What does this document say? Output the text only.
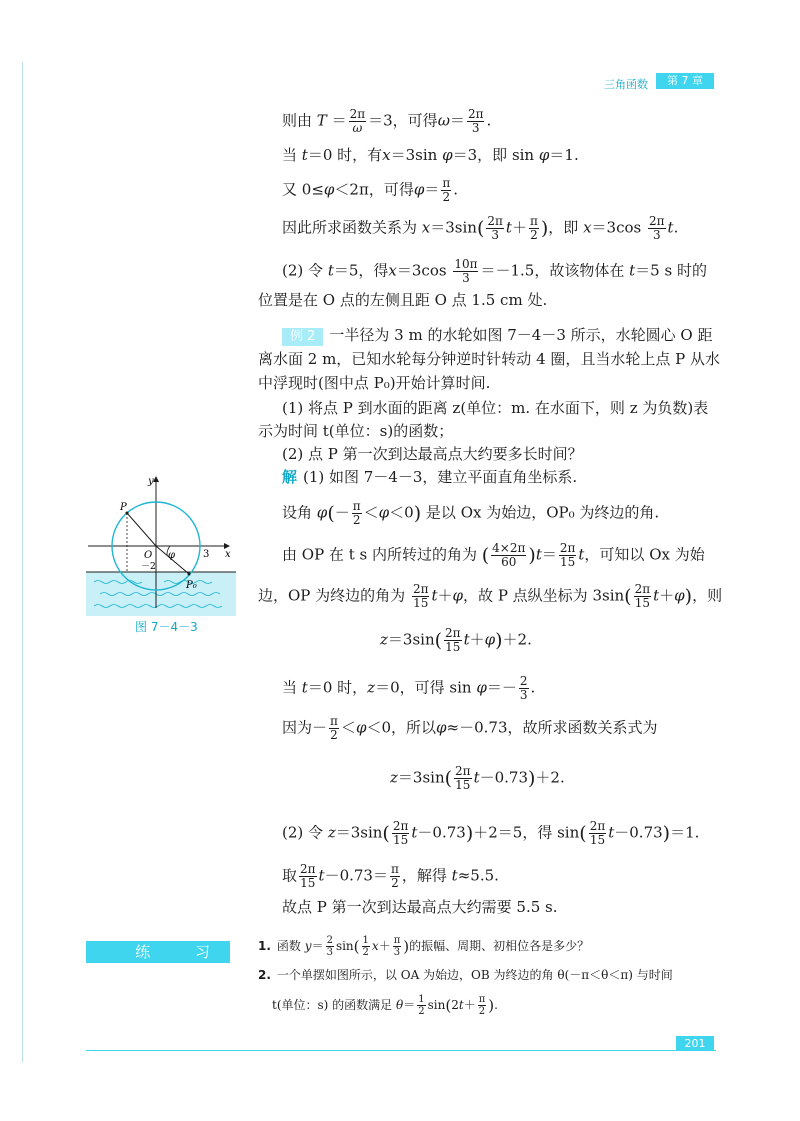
三角函数	第 7 章
则由 $T = \frac{2\pi}{\omega} =3$，可得$\omega= \frac{2\pi}{3}$ .
当 t＝0 时，有x＝3sin φ＝3，即 sin φ＝1.
又 0≤φ＜2π，可得$\varphi= \frac{\pi}{2}$ .
因此所求函数关系为 $x=3\sin( \frac{2\pi}{3} t+ \frac{\pi}{2}$ )，即 $x=3\cos \frac{2\pi}{3} t$.
(2) 令 t＝5，得$x=3\cos \frac{10\pi}{3} =-1.5$，故该物体在 t＝5 s 时的
位置是在 O 点的左侧且距 O 点 1.5 cm 处.
例 2 一半径为 3 m 的水轮如图 7－4－3 所示，水轮圆心 O 距
离水面 2 m，已知水轮每分钟逆时针转动 4 圈，且当水轮上点 P 从水
中浮现时(图中点 P₀)开始计算时间.
(1) 将点 P 到水面的距离 z(单位：m. 在水面下，则 z 为负数)表
示为时间 t(单位：s)的函数；
(2) 点 P 第一次到达最高点大约要多长时间？
解 (1) 如图 7－4－3，建立平面直角坐标系.
设角 $\varphi(- \frac{\pi}{2} <\varphi<0)$ 是以 Ox 为始边，OP₀ 为终边的角.
由 OP 在 t s 内所转过的角为 ( $\frac{4\times 2\pi}{60} )t= \frac{2\pi}{15}$ t，可知以 Ox 为始
边，OP 为终边的角为 $\frac{2\pi}{15} t+\varphi$，故 P 点纵坐标为 $3\sin( \frac{2\pi}{15} t+\varphi)$，则
$z=3\sin( \frac{2\pi}{15} t+\varphi)+2$.
当 t＝0 时，z＝0，可得 $\sin \varphi=- \frac{2}{3}$ .
因为－ $\frac{\pi}{2} <\varphi<0$，所以φ≈－0.73，故所求函数关系式为
$z=3\sin( \frac{2\pi}{15} t-0.73)+2$.
(2) 令 $z=3\sin( \frac{2\pi}{15} t-0.73)+2=5$，得 $\sin( \frac{2\pi}{15} t-0.73)=1$.
取 $\frac{2\pi}{15} t-0.73= \frac{\pi}{2}$ ，解得 t≈5.5.
故点 P 第一次到达最高点大约需要 5.5 s.
y
x
P
O φ	3
－2
P₀
图 7－4－3
练 习 1. 函数 $y= \frac{2}{3} \sin( \frac{1}{2} x+ \frac{\pi}{3}$ )的振幅、周期、初相位各是多少？
2. 一个单摆如图所示，以 OA 为始边，OB 为终边的角 θ(－π＜θ＜π) 与时间
t(单位：s) 的函数满足 $\theta= \frac{1}{2} \sin(2t+ \frac{\pi}{2}$ ).
201
